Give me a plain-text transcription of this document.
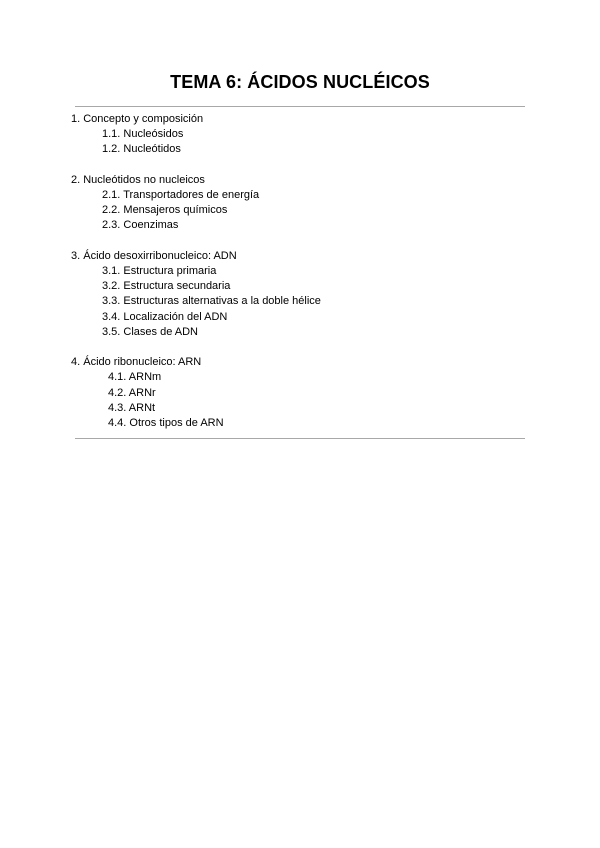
TEMA 6: ÁCIDOS NUCLÉICOS
1. Concepto y composición
1.1. Nucleósidos
1.2. Nucleótidos
2. Nucleótidos no nucleicos
2.1. Transportadores de energía
2.2. Mensajeros químicos
2.3. Coenzimas
3. Ácido desoxirribonucleico: ADN
3.1. Estructura primaria
3.2. Estructura secundaria
3.3. Estructuras alternativas a la doble hélice
3.4. Localización del ADN
3.5. Clases de ADN
4. Ácido ribonucleico: ARN
4.1. ARNm
4.2. ARNr
4.3. ARNt
4.4. Otros tipos de ARN
